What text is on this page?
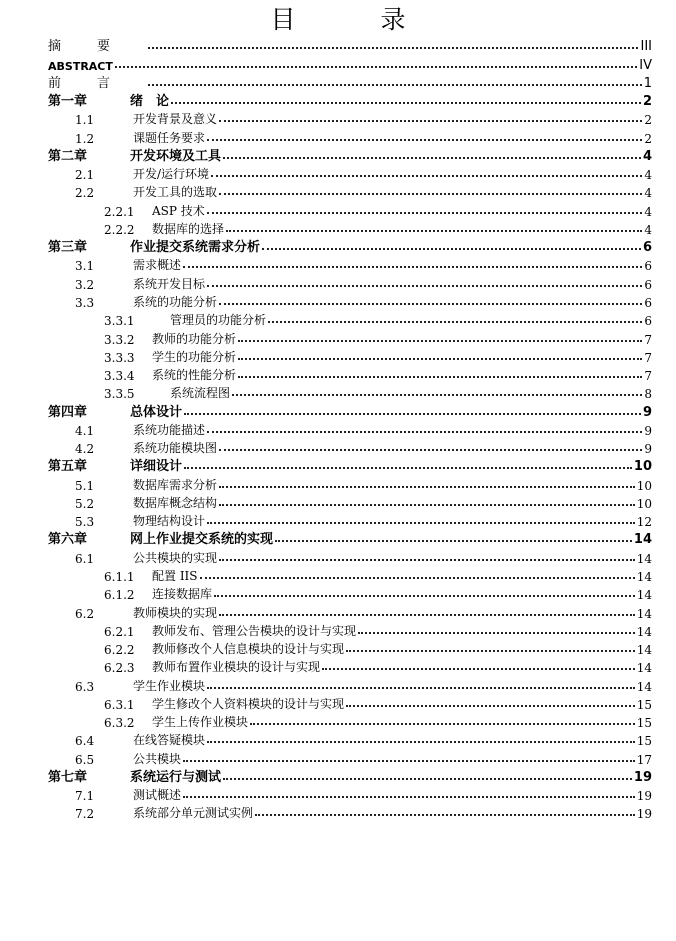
目　录
摘要	III
ABSTRACT	IV
前言	1
第一章	绪　论	2
1.1	开发背景及意义	2
1.2	课题任务要求	2
第二章	开发环境及工具	4
2.1	开发/运行环境	4
2.2	开发工具的选取	4
2.2.1	ASP 技术	4
2.2.2	数据库的选择	4
第三章	作业提交系统需求分析	6
3.1	需求概述	6
3.2	系统开发目标	6
3.3	系统的功能分析	6
3.3.1	管理员的功能分析	6
3.3.2	教师的功能分析	7
3.3.3	学生的功能分析	7
3.3.4	系统的性能分析	7
3.3.5	系统流程图	8
第四章	总体设计	9
4.1	系统功能描述	9
4.2	系统功能模块图	9
第五章	详细设计	10
5.1	数据库需求分析	10
5.2	数据库概念结构	10
5.3	物理结构设计	12
第六章	网上作业提交系统的实现	14
6.1	公共模块的实现	14
6.1.1	配置 IIS	14
6.1.2	连接数据库	14
6.2	教师模块的实现	14
6.2.1	教师发布、管理公告模块的设计与实现	14
6.2.2	教师修改个人信息模块的设计与实现	14
6.2.3	教师布置作业模块的设计与实现	14
6.3	学生作业模块	14
6.3.1	学生修改个人资料模块的设计与实现	15
6.3.2	学生上传作业模块	15
6.4	在线答疑模块	15
6.5	公共模块	17
第七章	系统运行与测试	19
7.1	测试概述	19
7.2	系统部分单元测试实例	19
